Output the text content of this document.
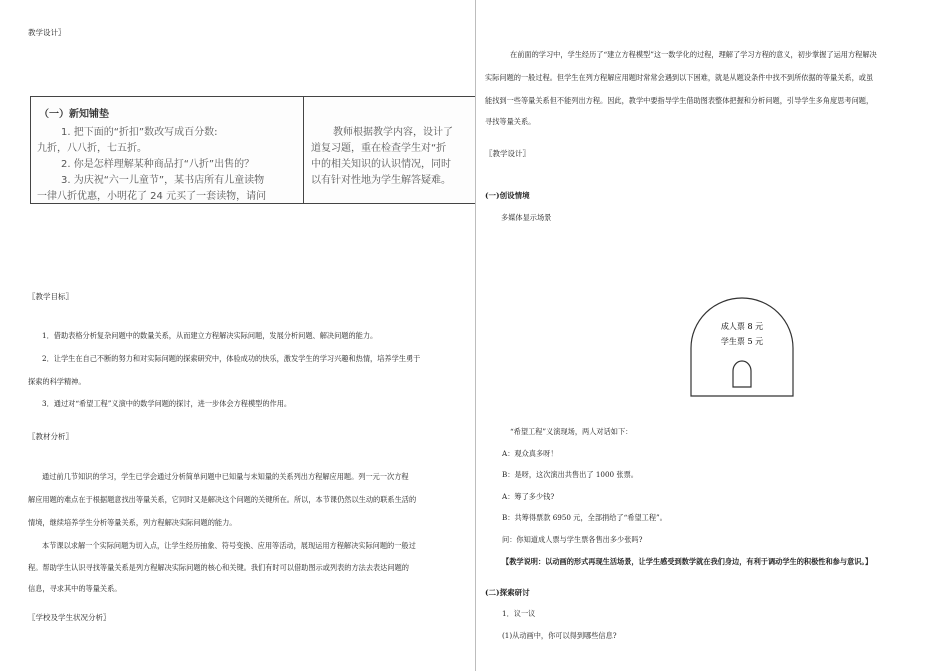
教学设计〗
（一）新知铺垫
1. 把下面的“折扣”数改写成百分数:
九折，八八折，七五折。
2. 你是怎样理解某种商品打“八折”出售的？
3. 为庆祝“六一儿童节”，某书店所有儿童读物
一律八折优惠，小明花了 24 元买了一套读物，请问
教师根据教学内容，设计了
道复习题，重在检查学生对“折
中的相关知识的认识情况，同时
以有针对性地为学生解答疑难。
〖教学目标〗
1．借助表格分析复杂问题中的数量关系，从而建立方程解决实际问题，发展分析问题、解决问题的能力。
2．让学生在自己不断的努力和对实际问题的探索研究中，体验成功的快乐，激发学生的学习兴趣和热情，培养学生勇于
探索的科学精神。
3．通过对“希望工程”义演中的数学问题的探讨，进一步体会方程模型的作用。
〖教材分析〗
通过前几节知识的学习，学生已学会通过分析简单问题中已知量与未知量的关系列出方程解应用题。列一元一次方程
解应用题的难点在于根据题意找出等量关系，它同时又是解决这个问题的关键所在。所以，本节课仍然以生动的联系生活的
情境，继续培养学生分析等量关系，列方程解决实际问题的能力。
本节课以求解一个实际问题为切入点，让学生经历抽象、符号变换、应用等活动，展现运用方程解决实际问题的一般过
程。帮助学生认识寻找等量关系是列方程解决实际问题的核心和关键。我们有时可以借助图示或列表的方法去表达问题的
信息，寻求其中的等量关系。
〖学校及学生状况分析〗
在前面的学习中，学生经历了“建立方程模型”这一数学化的过程，理解了学习方程的意义，初步掌握了运用方程解决
实际问题的一般过程。但学生在列方程解应用题时常常会遇到以下困难，就是从题设条件中找不到所依据的等量关系，或虽
能找到一些等量关系但不能列出方程。因此，教学中要指导学生借助图表整体把握和分析问题，引导学生多角度思考问题，
寻找等量关系。
〖教学设计〗
(一)创设情境
多媒体显示场景
成人票 8 元
学生票 5 元
“希望工程”义演现场，两人对话如下：
A：观众真多呀！
B：是呀，这次演出共售出了 1000 张票。
A：筹了多少钱?
B：共筹得票款 6950 元，全部捐给了“希望工程”。
问：你知道成人票与学生票各售出多少张吗?
【教学说明：以动画的形式再现生活场景，让学生感受到数学就在我们身边，有利于调动学生的积极性和参与意识。】
(二)探索研讨
1．议一议
(1)从动画中，你可以得到哪些信息?
